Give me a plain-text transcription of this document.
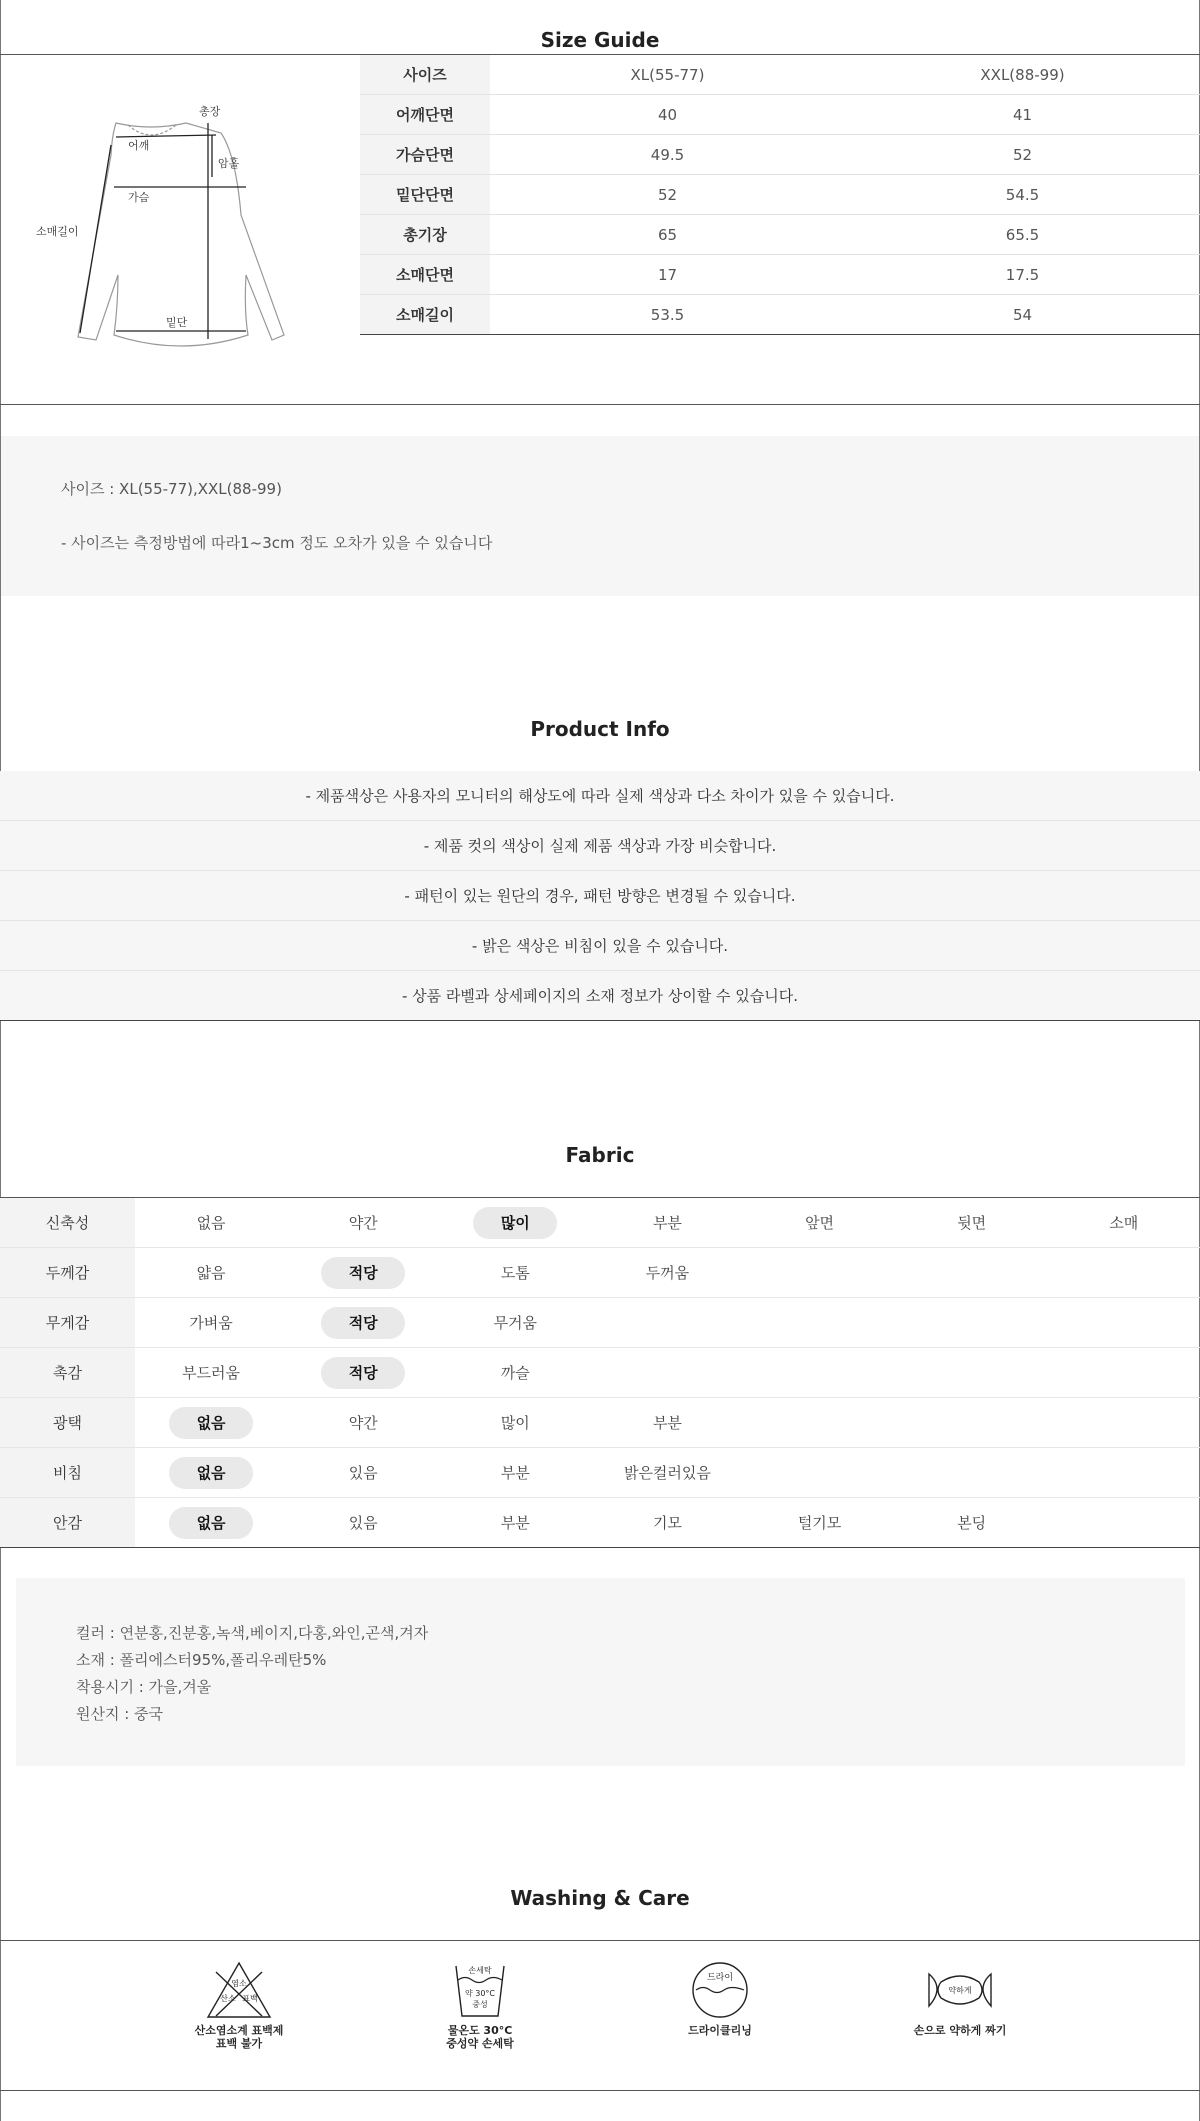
Size Guide
총장
어깨
암홀
가슴
소매길이
밑단
사이즈	XL(55-77)	XXL(88-99)
어깨단면	40	41
가슴단면	49.5	52
밑단단면	52	54.5
총기장	65	65.5
소매단면	17	17.5
소매길이	53.5	54
사이즈 : XL(55-77),XXL(88-99)
- 사이즈는 측정방법에 따라1~3cm 정도 오차가 있을 수 있습니다
Product Info
- 제품색상은 사용자의 모니터의 해상도에 따라 실제 색상과 다소 차이가 있을 수 있습니다.
- 제품 컷의 색상이 실제 제품 색상과 가장 비슷합니다.
- 패턴이 있는 원단의 경우, 패턴 방향은 변경될 수 있습니다.
- 밝은 색상은 비침이 있을 수 있습니다.
- 상품 라벨과 상세페이지의 소재 정보가 상이할 수 있습니다.
Fabric
신축성	없음	약간	많이	부분	앞면	뒷면	소매
두께감	얇음	적당	도톰	두꺼움
무게감	가벼움	적당	무거움
촉감	부드러움	적당	까슬
광택	없음	약간	많이	부분
비침	없음	있음	부분	밝은컬러있음
안감	없음	있음	부분	기모	털기모	본딩
컬러 : 연분홍,진분홍,녹색,베이지,다홍,와인,곤색,겨자
소재 : 폴리에스터95%,폴리우레탄5%
착용시기 : 가을,겨울
원산지 : 중국
Washing & Care
염소
산소 표백
산소염소계 표백제
표백 불가
손세탁
약 30°C
중성
물온도 30°C
중성약 손세탁
드라이
드라이클리닝
약하게
손으로 약하게 짜기
